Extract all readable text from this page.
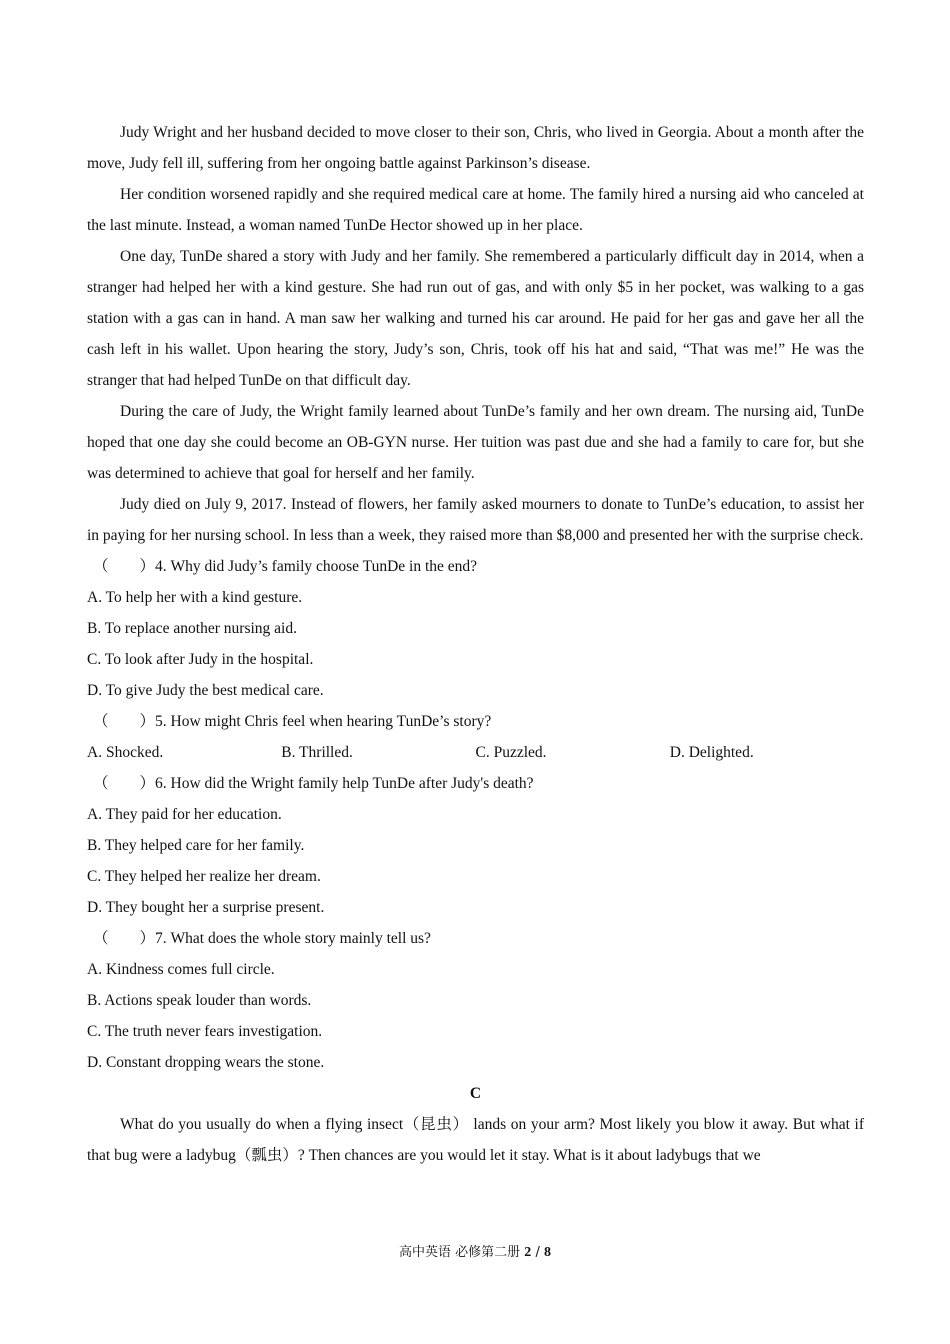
Judy Wright and her husband decided to move closer to their son, Chris, who lived in Georgia. About a month after the move, Judy fell ill, suffering from her ongoing battle against Parkinson’s disease.

Her condition worsened rapidly and she required medical care at home. The family hired a nursing aid who canceled at the last minute. Instead, a woman named TunDe Hector showed up in her place.

One day, TunDe shared a story with Judy and her family. She remembered a particularly difficult day in 2014, when a stranger had helped her with a kind gesture. She had run out of gas, and with only $5 in her pocket, was walking to a gas station with a gas can in hand. A man saw her walking and turned his car around. He paid for her gas and gave her all the cash left in his wallet. Upon hearing the story, Judy’s son, Chris, took off his hat and said, “That was me!” He was the stranger that had helped TunDe on that difficult day.

During the care of Judy, the Wright family learned about TunDe’s family and her own dream. The nursing aid, TunDe hoped that one day she could become an OB-GYN nurse. Her tuition was past due and she had a family to care for, but she was determined to achieve that goal for herself and her family.

Judy died on July 9, 2017. Instead of flowers, her family asked mourners to donate to TunDe’s education, to assist her in paying for her nursing school. In less than a week, they raised more than $8,000 and presented her with the surprise check.

（　　）4. Why did Judy’s family choose TunDe in the end?

A. To help her with a kind gesture.

B. To replace another nursing aid.

C. To look after Judy in the hospital.

D. To give Judy the best medical care.

（　　）5. How might Chris feel when hearing TunDe’s story?

A. Shocked.	B. Thrilled.	C. Puzzled.	D. Delighted.

（　　）6. How did the Wright family help TunDe after Judy's death?

A. They paid for her education.

B. They helped care for her family.

C. They helped her realize her dream.

D. They bought her a surprise present.

（　　）7. What does the whole story mainly tell us?

A. Kindness comes full circle.

B. Actions speak louder than words.

C. The truth never fears investigation.

D. Constant dropping wears the stone.

C

What do you usually do when a flying insect（昆虫） lands on your arm? Most likely you blow it away. But what if that bug were a ladybug（瓢虫）? Then chances are you would let it stay. What is it about ladybugs that we

高中英语 必修第二册 2 / 8
